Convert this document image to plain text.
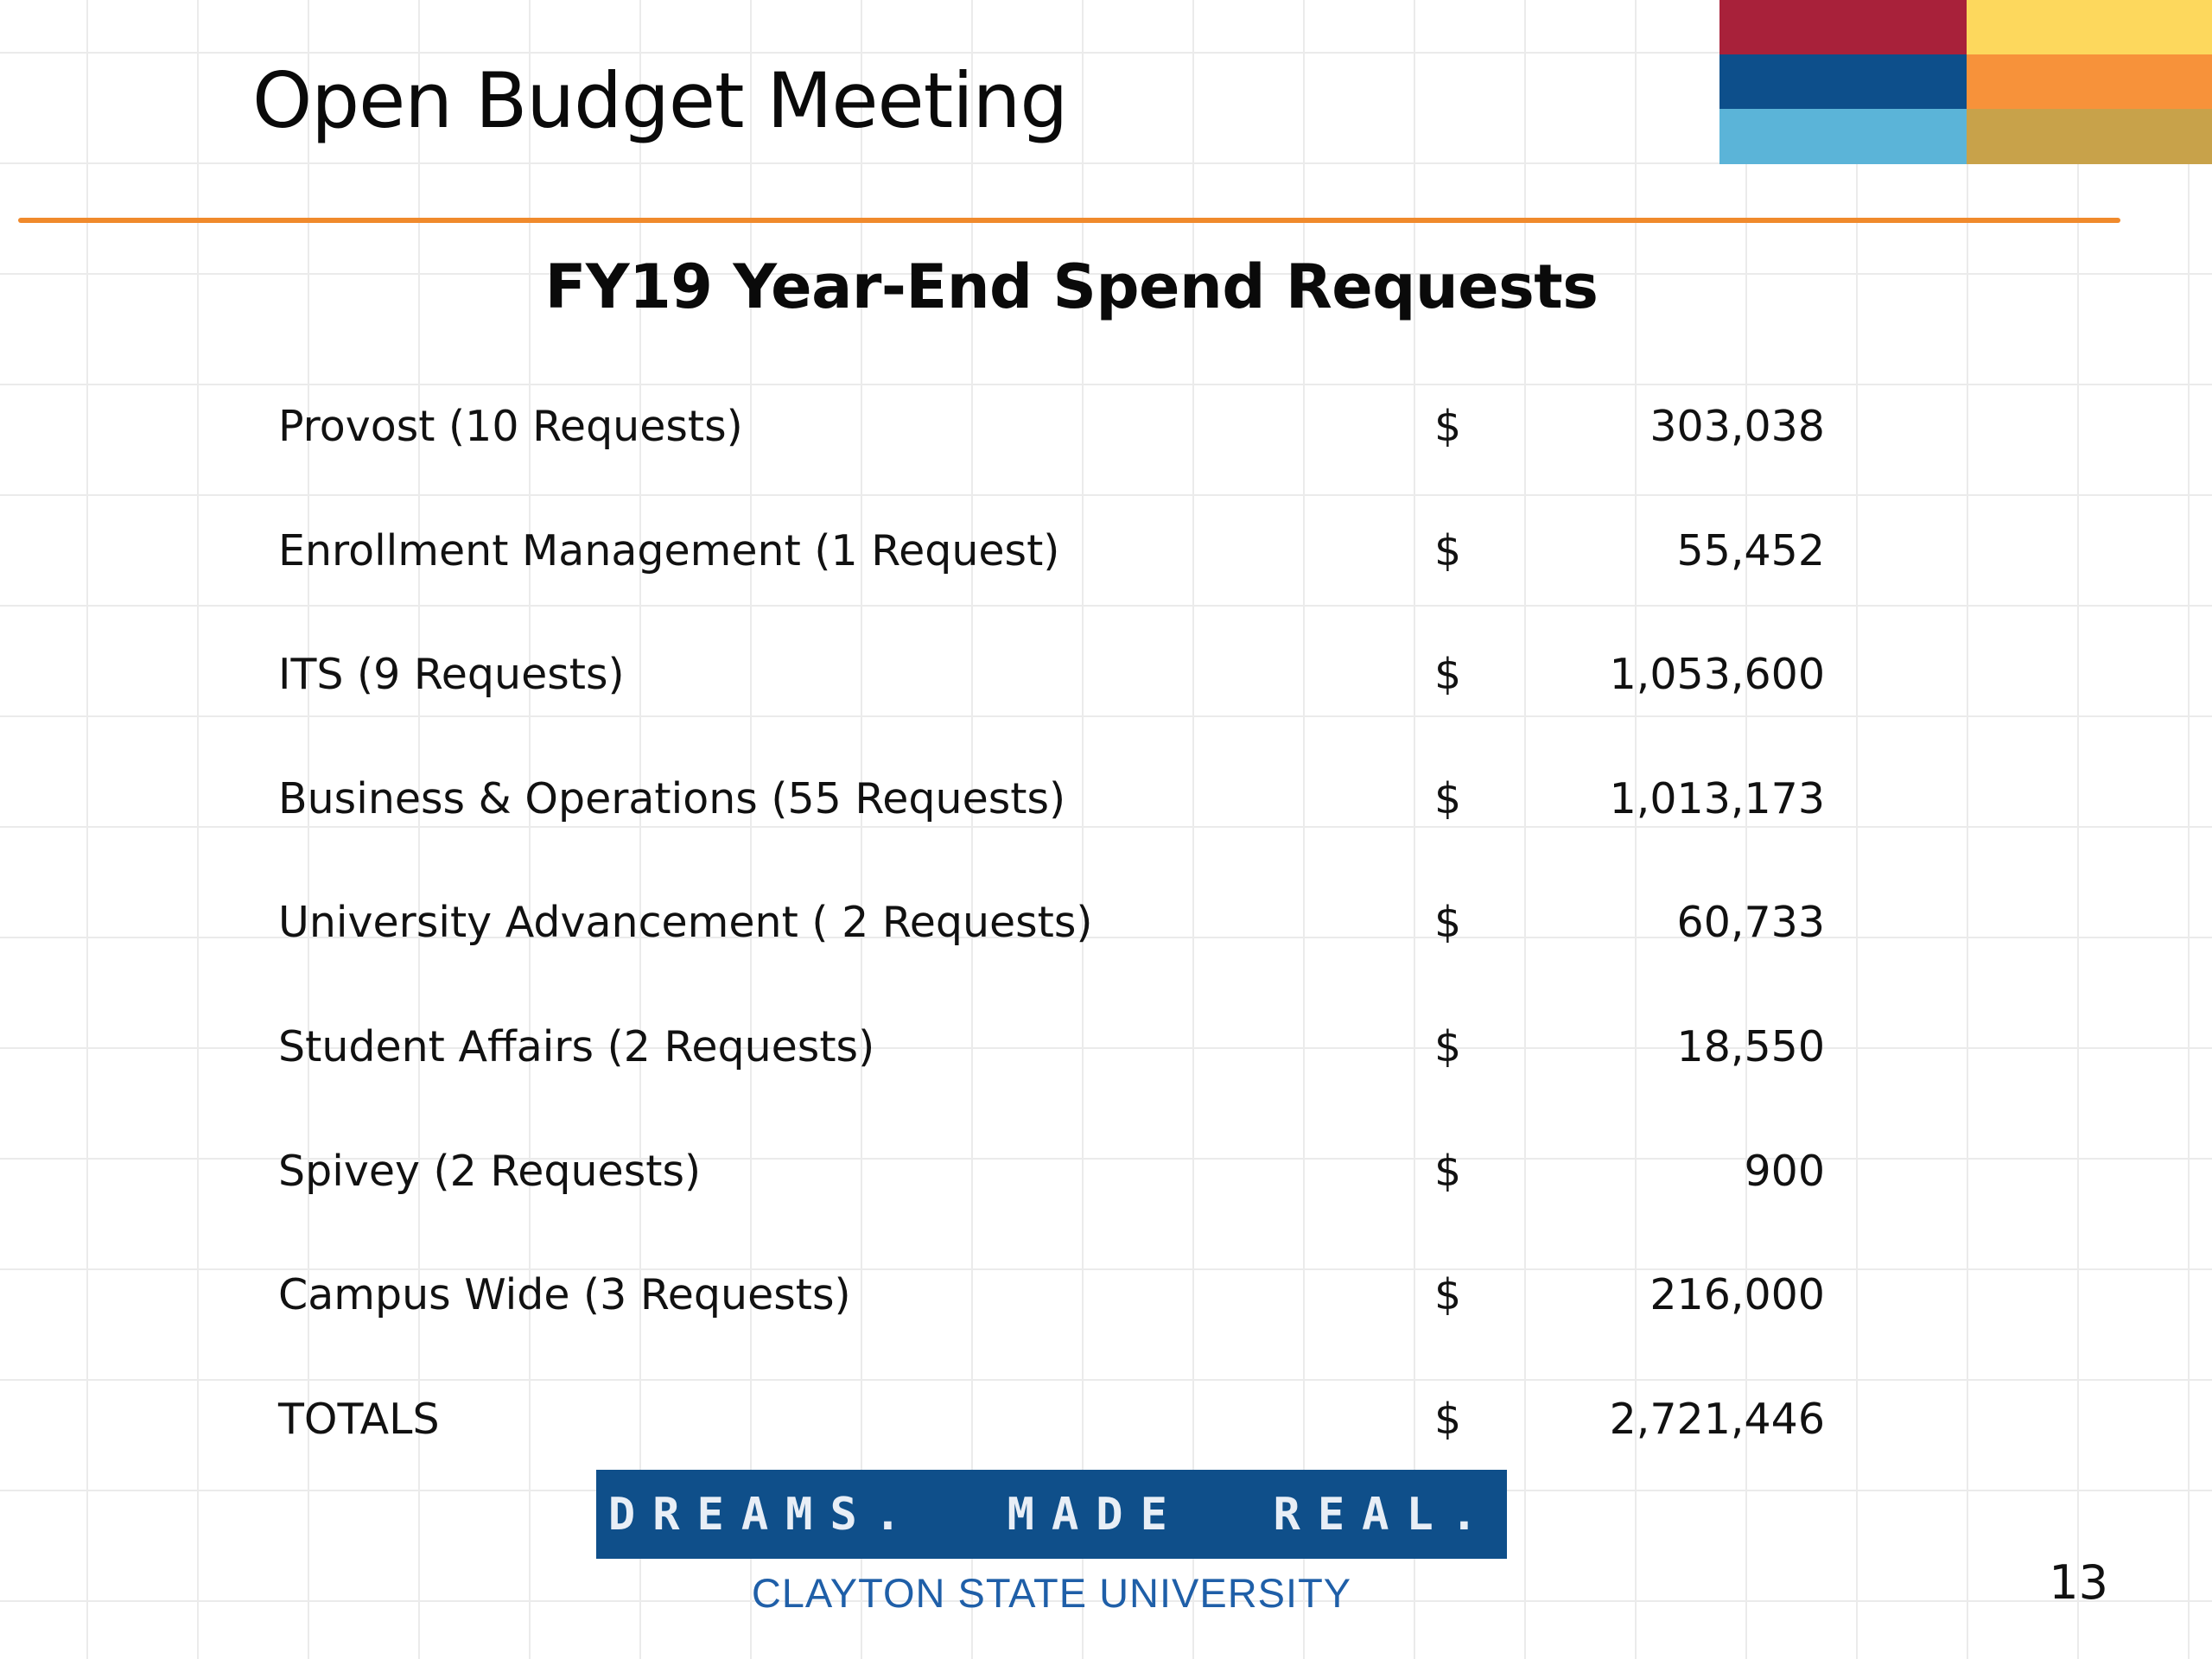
Open Budget Meeting
FY19 Year-End Spend Requests
Provost (10 Requests)	$	303,038
Enrollment Management (1 Request)	$	55,452
ITS (9 Requests)	$	1,053,600
Business & Operations (55 Requests)	$	1,013,173
University Advancement ( 2 Requests)	$	60,733
Student Affairs (2 Requests)	$	18,550
Spivey (2 Requests)	$	900
Campus Wide (3 Requests)	$	216,000
TOTALS	$	2,721,446
DREAMS.  MADE  REAL.
CLAYTON STATE UNIVERSITY	13
